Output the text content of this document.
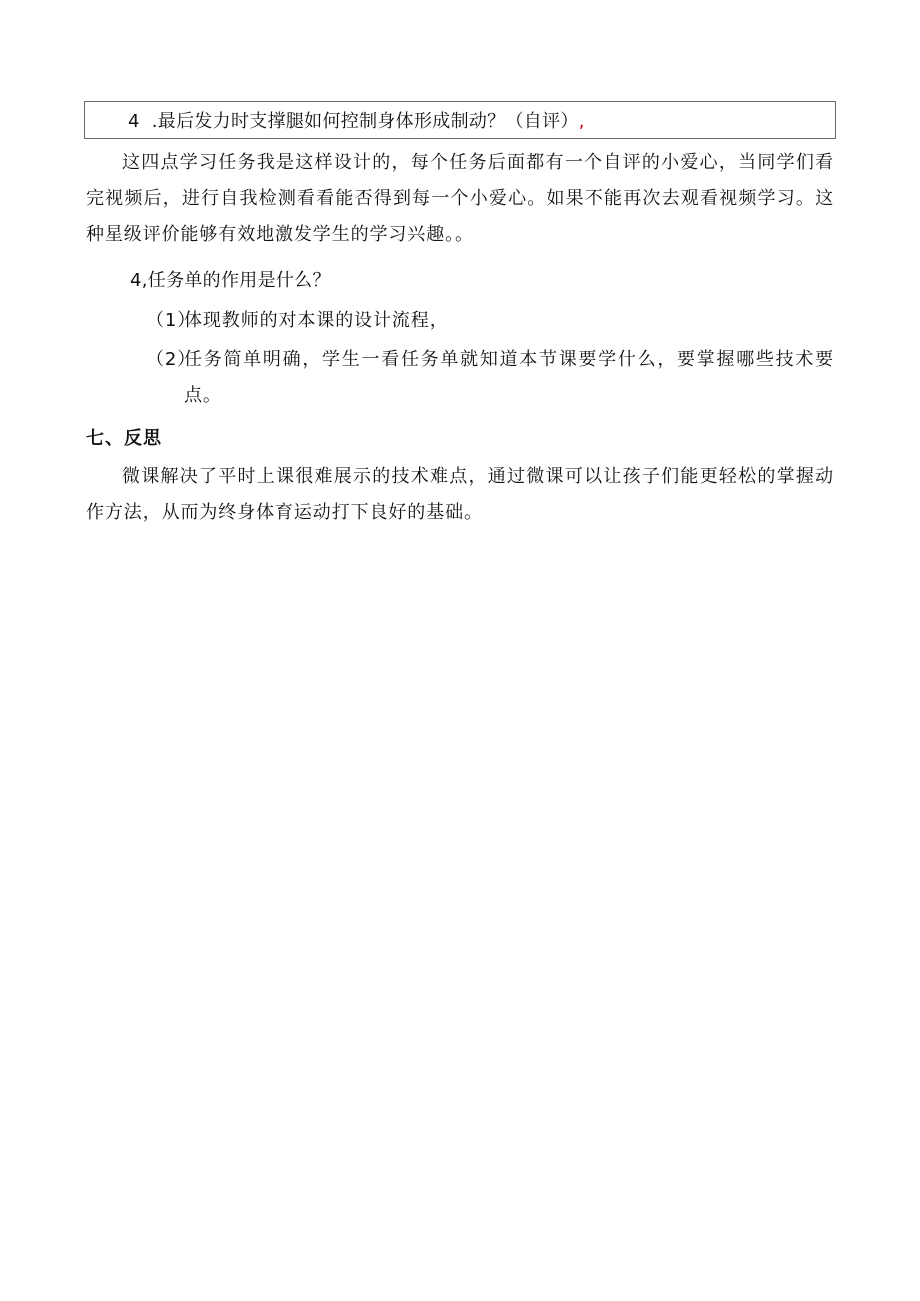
4 .最后发力时支撑腿如何控制身体形成制动？（自评）,
这四点学习任务我是这样设计的，每个任务后面都有一个自评的小爱心，当同学们看完视频后，进行自我检测看看能否得到每一个小爱心。如果不能再次去观看视频学习。这种星级评价能够有效地激发学生的学习兴趣。。
4,任务单的作用是什么？
（1）
体现教师的对本课的设计流程，
（2）
任务简单明确，学生一看任务单就知道本节课要学什么，要掌握哪些技术要点。
七、反思
微课解决了平时上课很难展示的技术难点，通过微课可以让孩子们能更轻松的掌握动作方法，从而为终身体育运动打下良好的基础。
